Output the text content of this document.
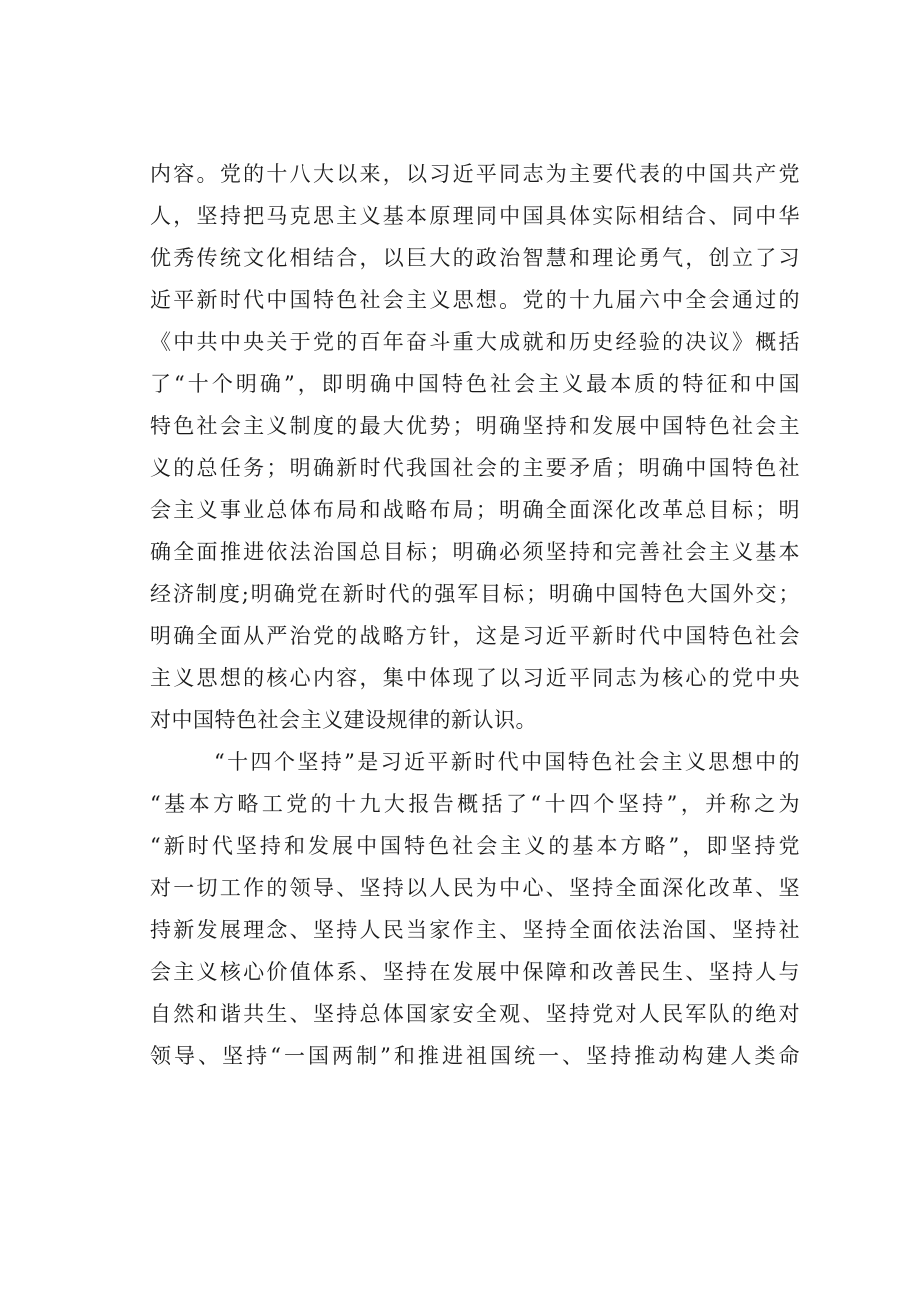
内容。党的十八大以来，以习近平同志为主要代表的中国共产党
人，坚持把马克思主义基本原理同中国具体实际相结合、同中华
优秀传统文化相结合，以巨大的政治智慧和理论勇气，创立了习
近平新时代中国特色社会主义思想。党的十九届六中全会通过的
《中共中央关于党的百年奋斗重大成就和历史经验的决议》概括
了“十个明确”，即明确中国特色社会主义最本质的特征和中国
特色社会主义制度的最大优势；明确坚持和发展中国特色社会主
义的总任务；明确新时代我国社会的主要矛盾；明确中国特色社
会主义事业总体布局和战略布局；明确全面深化改革总目标；明
确全面推进依法治国总目标；明确必须坚持和完善社会主义基本
经济制度;明确党在新时代的强军目标；明确中国特色大国外交；
明确全面从严治党的战略方针，这是习近平新时代中国特色社会
主义思想的核心内容，集中体现了以习近平同志为核心的党中央
对中国特色社会主义建设规律的新认识。
“十四个坚持”是习近平新时代中国特色社会主义思想中的
“基本方略工党的十九大报告概括了“十四个坚持”，并称之为
“新时代坚持和发展中国特色社会主义的基本方略”，即坚持党
对一切工作的领导、坚持以人民为中心、坚持全面深化改革、坚
持新发展理念、坚持人民当家作主、坚持全面依法治国、坚持社
会主义核心价值体系、坚持在发展中保障和改善民生、坚持人与
自然和谐共生、坚持总体国家安全观、坚持党对人民军队的绝对
领导、坚持“一国两制”和推进祖国统一、坚持推动构建人类命
